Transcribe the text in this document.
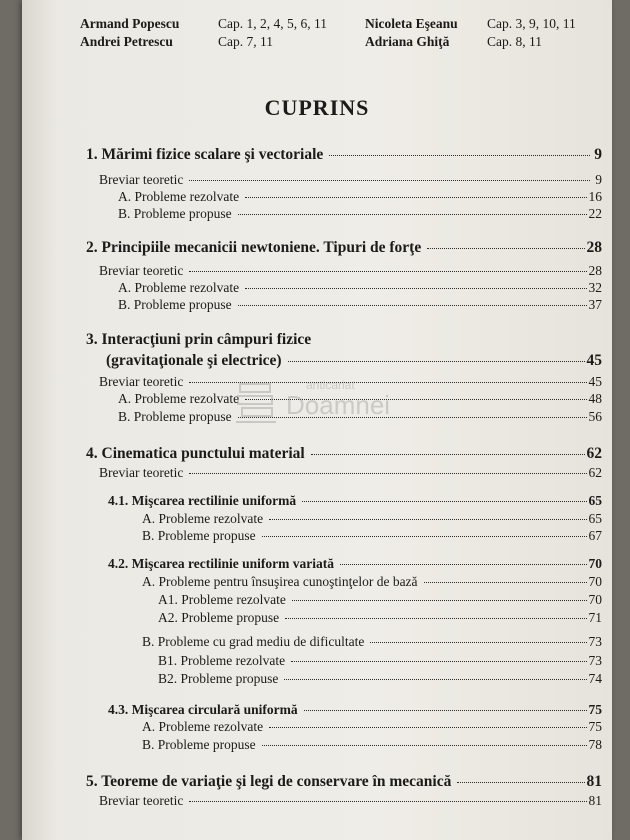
Armand Popescu	Cap. 1, 2, 4, 5, 6, 11	Nicoleta Eşeanu Cap. 3, 9, 10, 11
Andrei Petrescu	Cap. 7, 11	Adriana Ghiţă	Cap. 8, 11
CUPRINS
1. Mărimi fizice scalare şi vectoriale	9
Breviar teoretic	9
A. Probleme rezolvate	16
B. Probleme propuse	22
2. Principiile mecanicii newtoniene. Tipuri de forţe	28
Breviar teoretic	28
A. Probleme rezolvate	32
B. Probleme propuse	37
3. Interacţiuni prin câmpuri fizice
(gravitaţionale şi electrice)	45
Breviar teoretic	45
A. Probleme rezolvate	48
B. Probleme propuse	56
4. Cinematica punctului material	62
Breviar teoretic	62
4.1. Mişcarea rectilinie uniformă	65
A. Probleme rezolvate	65
B. Probleme propuse	67
4.2. Mişcarea rectilinie uniform variată	70
A. Probleme pentru însuşirea cunoştinţelor de bază	70
A1. Probleme rezolvate	70
A2. Probleme propuse	71
B. Probleme cu grad mediu de dificultate	73
B1. Probleme rezolvate	73
B2. Probleme propuse	74
4.3. Mişcarea circulară uniformă	75
A. Probleme rezolvate	75
B. Probleme propuse	78
5. Teoreme de variaţie şi legi de conservare în mecanică	81
Breviar teoretic	81
anticariat
Doamnei
